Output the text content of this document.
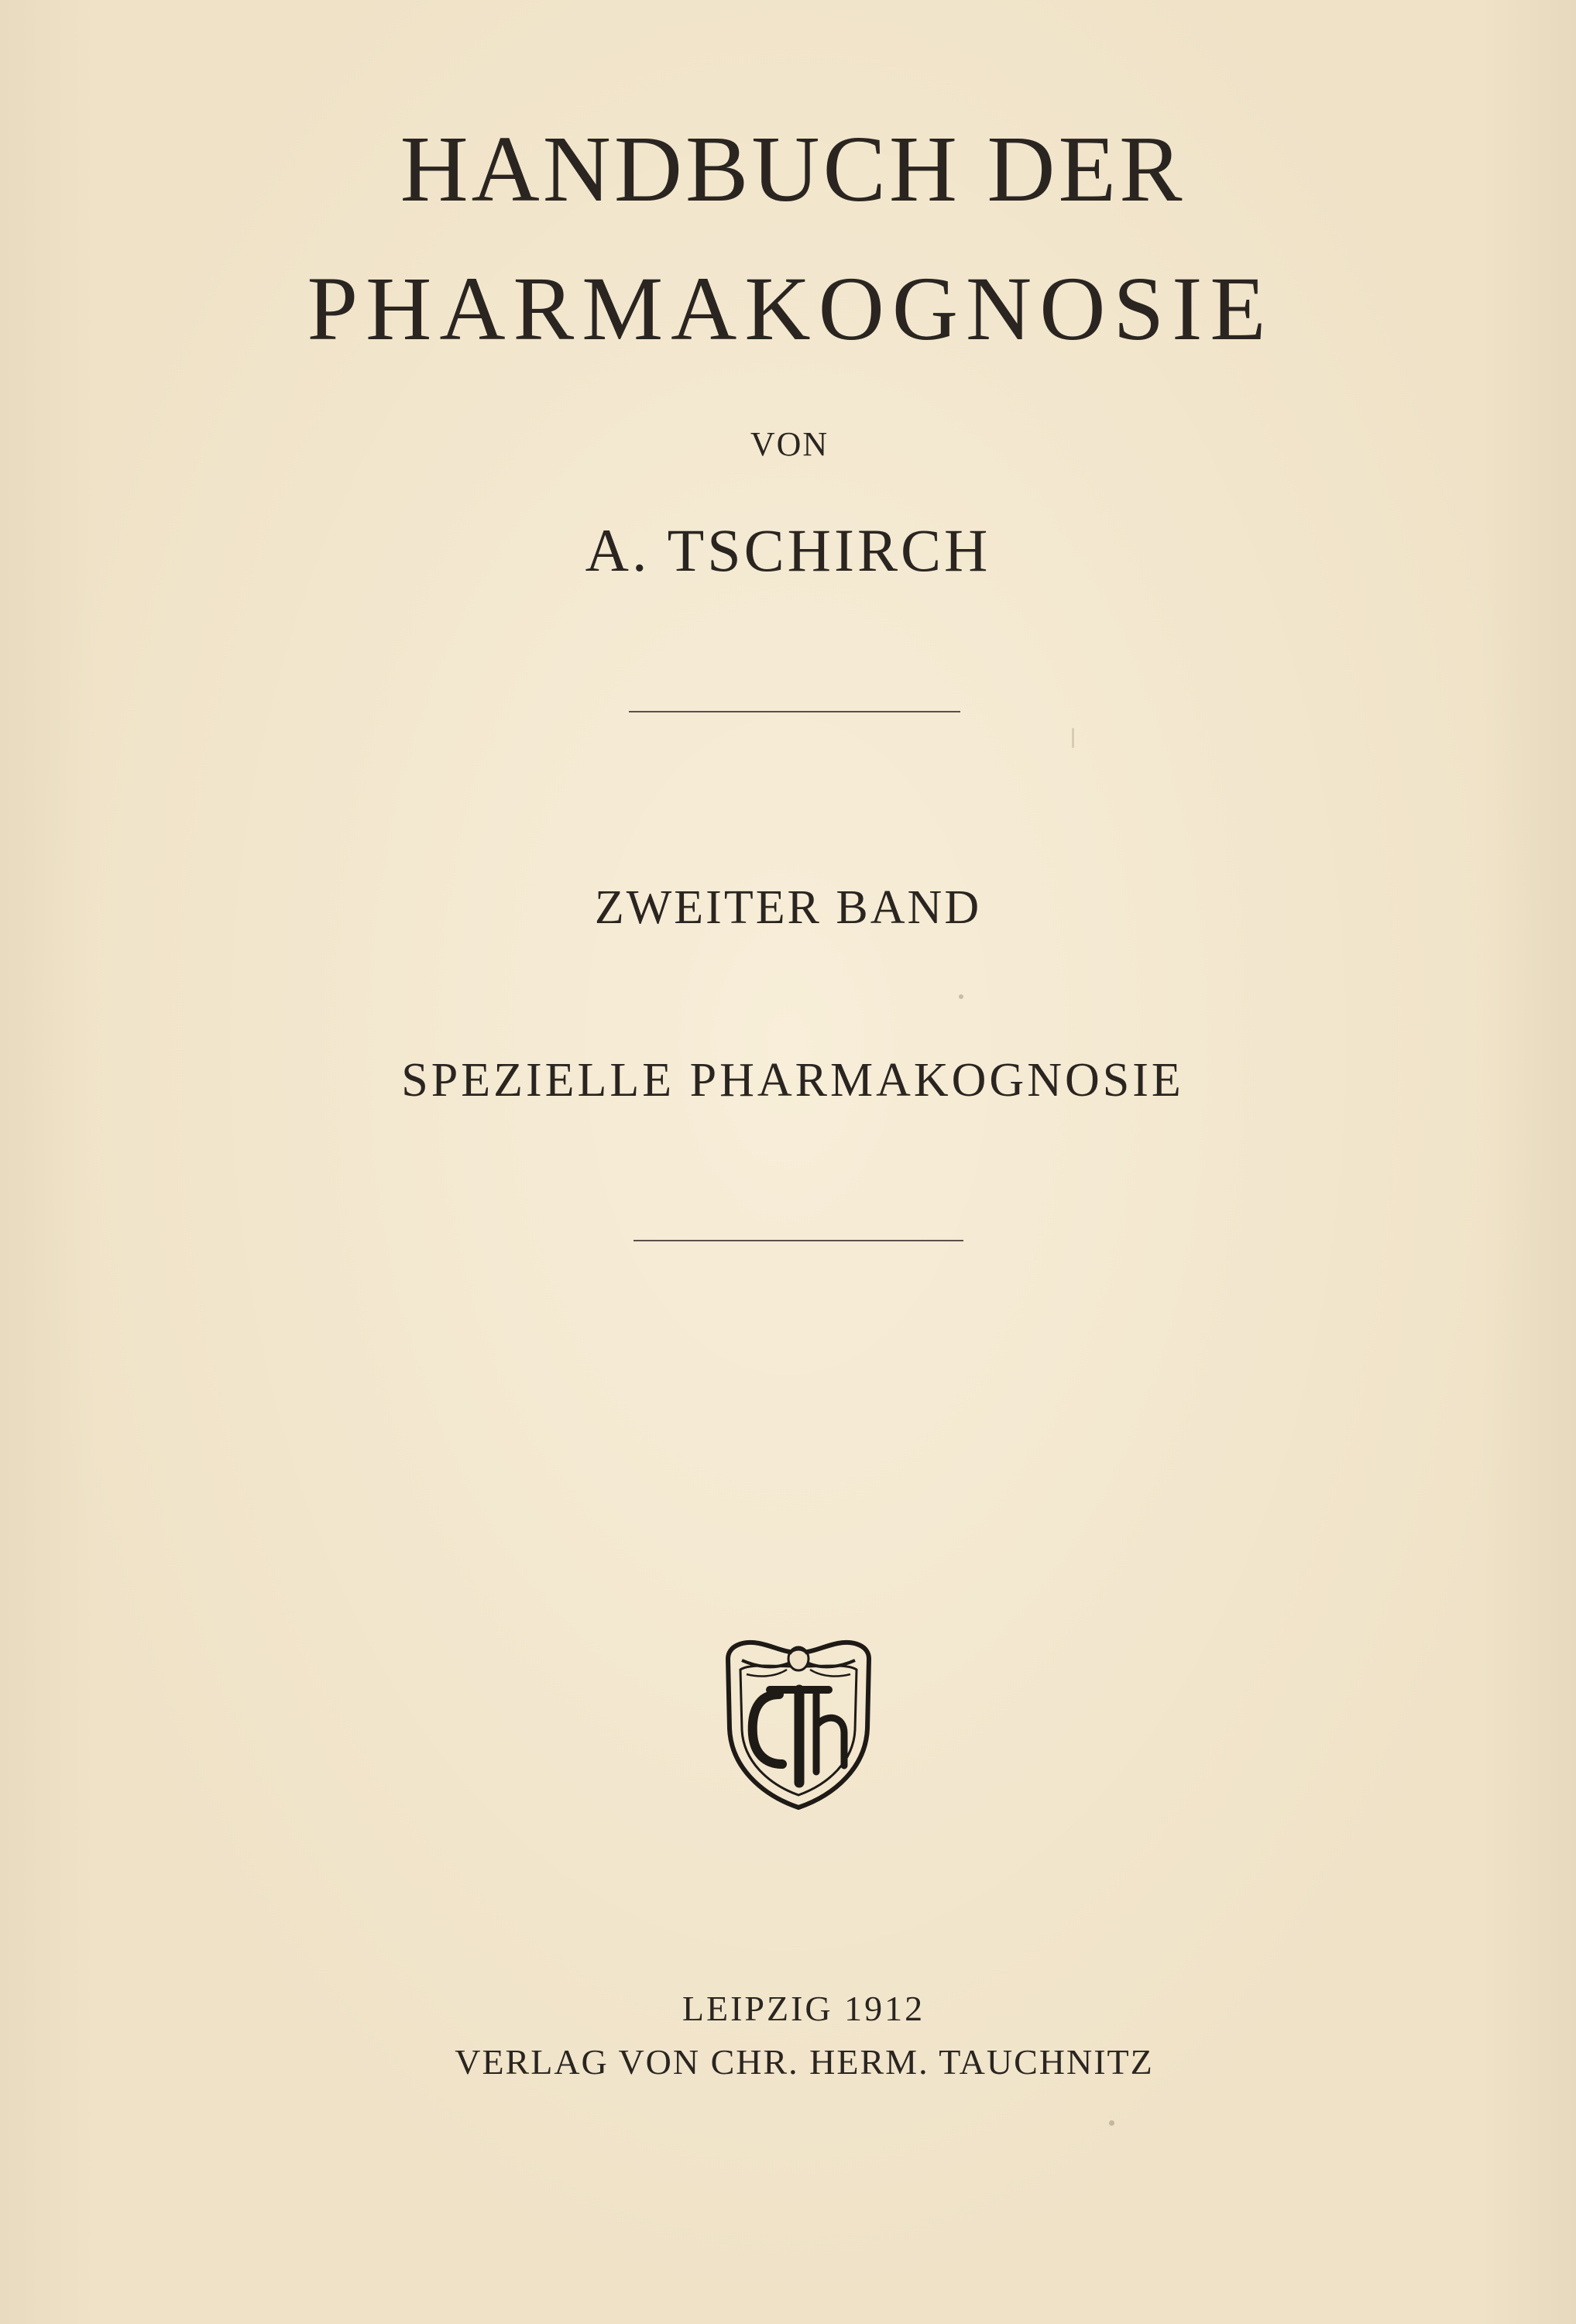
HANDBUCH DER
PHARMAKOGNOSIE
VON
A. TSCHIRCH
ZWEITER BAND
SPEZIELLE PHARMAKOGNOSIE
LEIPZIG 1912
VERLAG VON CHR. HERM. TAUCHNITZ
